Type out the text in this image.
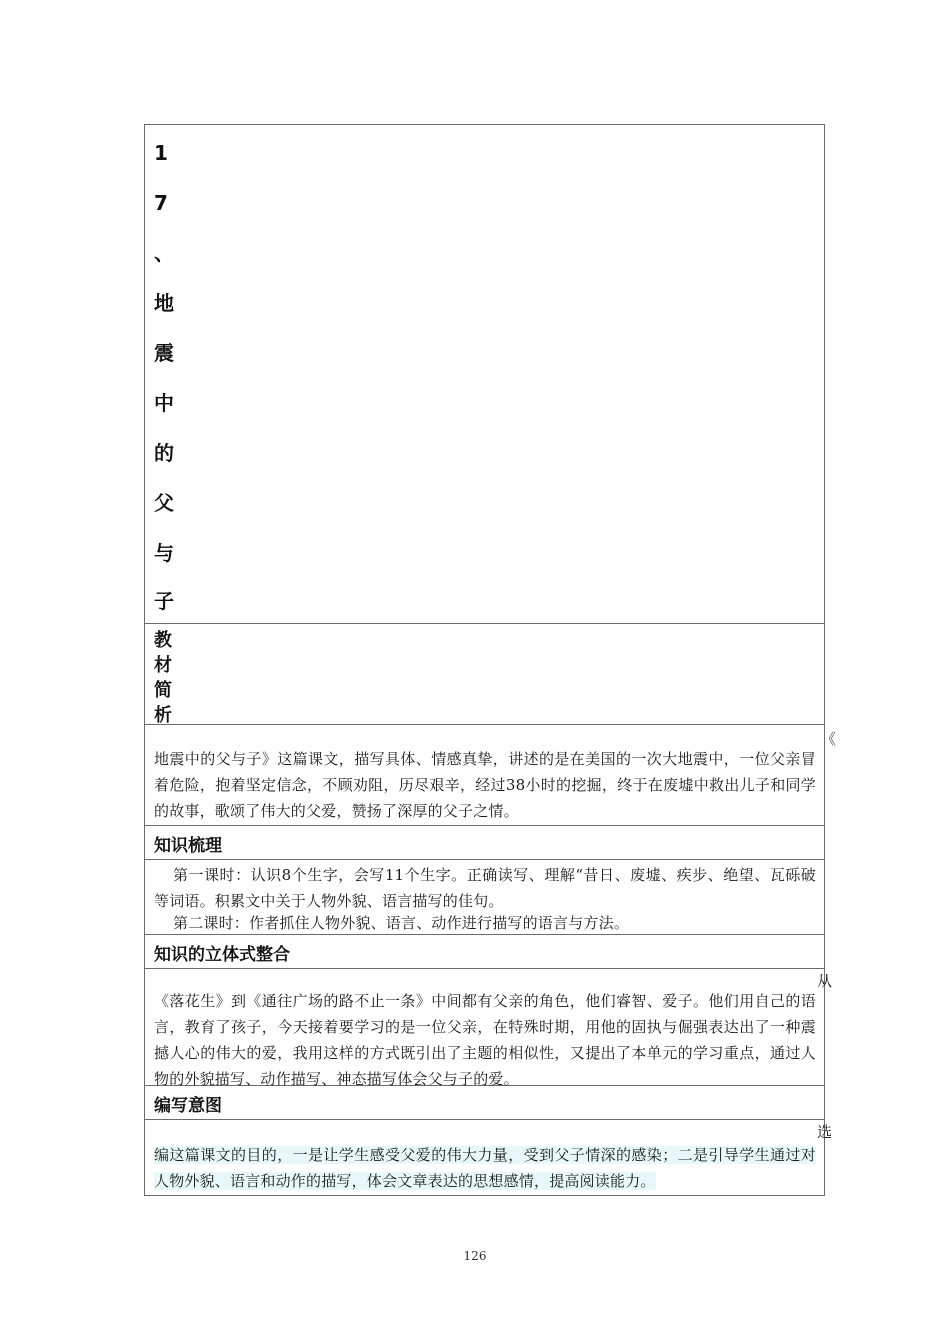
1
7
、
地
震
中
的
父
与
子
教
材
简
析
《
地震中的父与子》这篇课文，描写具体、情感真挚，讲述的是在美国的一次大地震中，一位父亲冒着危险，抱着坚定信念，不顾劝阻，历尽艰辛，经过38小时的挖掘，终于在废墟中救出儿子和同学的故事，歌颂了伟大的父爱，赞扬了深厚的父子之情。
知识梳理
第一课时：认识8个生字，会写11个生字。正确读写、理解“昔日、废墟、疾步、绝望、瓦砾破等词语。积累文中关于人物外貌、语言描写的佳句。
第二课时：作者抓住人物外貌、语言、动作进行描写的语言与方法。
知识的立体式整合
从
《落花生》到《通往广场的路不止一条》中间都有父亲的角色，他们睿智、爱子。他们用自己的语言，教育了孩子，今天接着要学习的是一位父亲，在特殊时期，用他的固执与倔强表达出了一种震撼人心的伟大的爱，我用这样的方式既引出了主题的相似性，又提出了本单元的学习重点，通过人物的外貌描写、动作描写、神态描写体会父与子的爱。
编写意图
选
编这篇课文的目的，一是让学生感受父爱的伟大力量，受到父子情深的感染；二是引导学生通过对人物外貌、语言和动作的描写，体会文章表达的思想感情，提高阅读能力。
126
